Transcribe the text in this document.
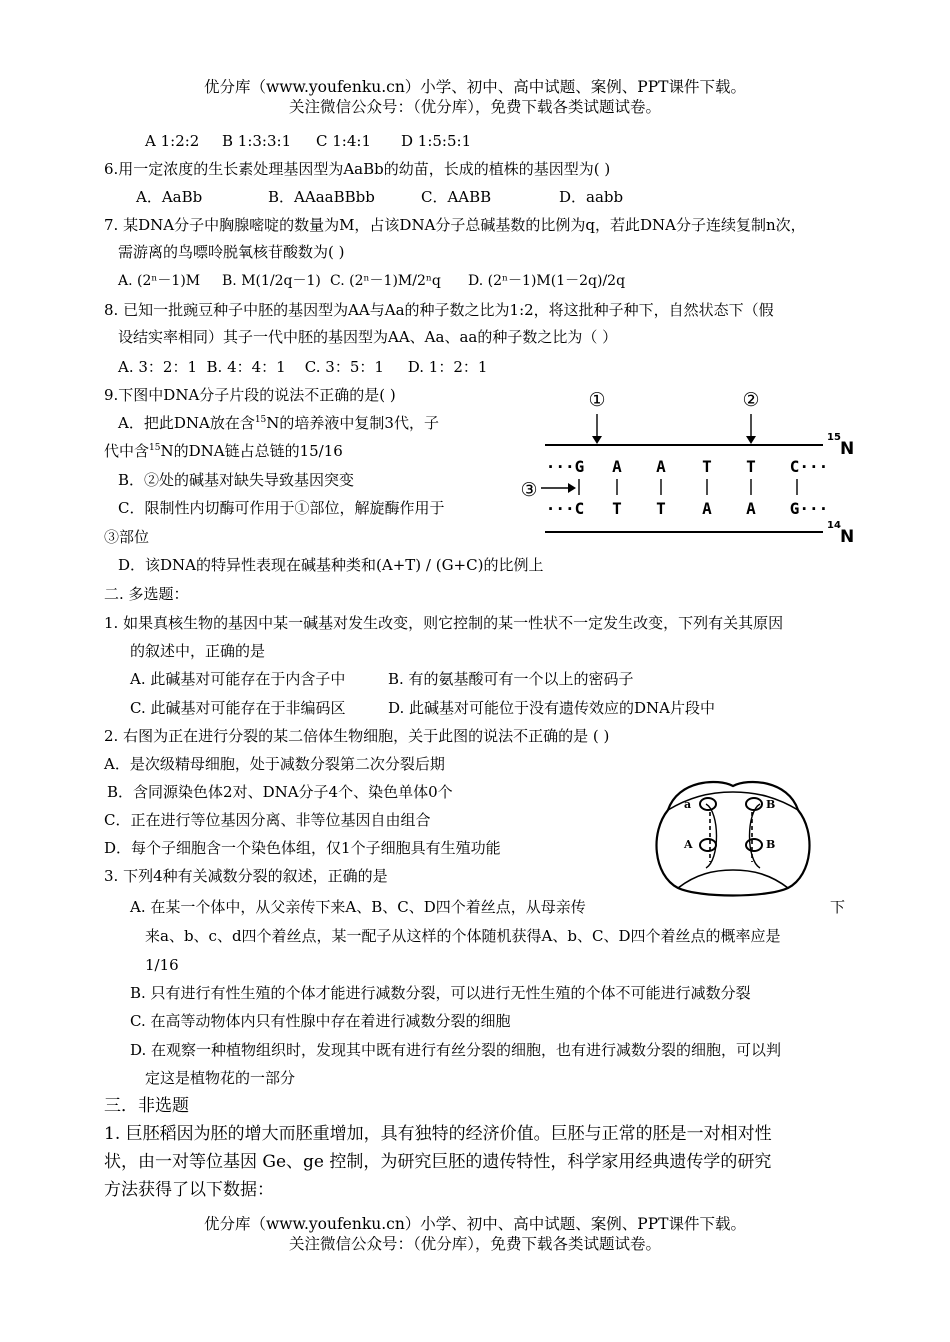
优分库（www.youfenku.cn）小学、初中、高中试题、案例、PPT课件下载。
关注微信公众号：（优分库），免费下载各类试题试卷。
A 1:2:2 B 1:3:3:1 C 1:4:1 D 1:5:5:1
6.用一定浓度的生长素处理基因型为AaBb的幼苗，长成的植株的基因型为( )
A．AaBb	B．AAaaBBbb	C．AABB	D．aabb
7. 某DNA分子中胸腺嘧啶的数量为M，占该DNA分子总碱基数的比例为q，若此DNA分子连续复制n次，
需游离的鸟嘌呤脱氧核苷酸数为( )
A. (2ⁿ－1)M B. M(1/2q－1) C. (2ⁿ－1)M/2ⁿq D. (2ⁿ－1)M(1－2q)/2q
8. 已知一批豌豆种子中胚的基因型为AA与Aa的种子数之比为1:2，将这批种子种下，自然状态下（假
设结实率相同）其子一代中胚的基因型为AA、Aa、aa的种子数之比为（ ）
A. 3：2：1  B. 4：4：1    C. 3：5：1     D. 1：2：1
9.下图中DNA分子片段的说法不正确的是( )
A．把此DNA放在含$^{15}$N的培养液中复制3代，子
代中含$^{15}$N的DNA链占总链的15/16
B．②处的碱基对缺失导致基因突变
C．限制性内切酶可作用于①部位，解旋酶作用于
③部位
D．该DNA的特异性表现在碱基种类和(A+T) / (G+C)的比例上
①	②
③
···G A A T T C···
···C T T A A G···
15
N
14
N
二. 多选题：
1. 如果真核生物的基因中某一碱基对发生改变，则它控制的某一性状不一定发生改变，下列有关其原因
的叙述中，正确的是
A. 此碱基对可能存在于内含子中	B. 有的氨基酸可有一个以上的密码子
C. 此碱基对可能存在于非编码区	D. 此碱基对可能位于没有遗传效应的DNA片段中
2. 右图为正在进行分裂的某二倍体生物细胞，关于此图的说法不正确的是 ( )
A．是次级精母细胞，处于减数分裂第二次分裂后期
B．含同源染色体2对、DNA分子4个、染色单体0个
C．正在进行等位基因分离、非等位基因自由组合
D．每个子细胞含一个染色体组，仅1个子细胞具有生殖功能
a	B
A	B
3. 下列4种有关减数分裂的叙述，正确的是
A. 在某一个体中，从父亲传下来A、B、C、D四个着丝点，从母亲传	下
来a、b、c、d四个着丝点，某一配子从这样的个体随机获得A、b、C、D四个着丝点的概率应是
1/16
B. 只有进行有性生殖的个体才能进行减数分裂，可以进行无性生殖的个体不可能进行减数分裂
C. 在高等动物体内只有性腺中存在着进行减数分裂的细胞
D. 在观察一种植物组织时，发现其中既有进行有丝分裂的细胞，也有进行减数分裂的细胞，可以判
定这是植物花的一部分
三．非选题
1. 巨胚稻因为胚的增大而胚重增加，具有独特的经济价值。巨胚与正常的胚是一对相对性
状，由一对等位基因 Ge、ge 控制，为研究巨胚的遗传特性，科学家用经典遗传学的研究
方法获得了以下数据：
优分库（www.youfenku.cn）小学、初中、高中试题、案例、PPT课件下载。
关注微信公众号：（优分库），免费下载各类试题试卷。
